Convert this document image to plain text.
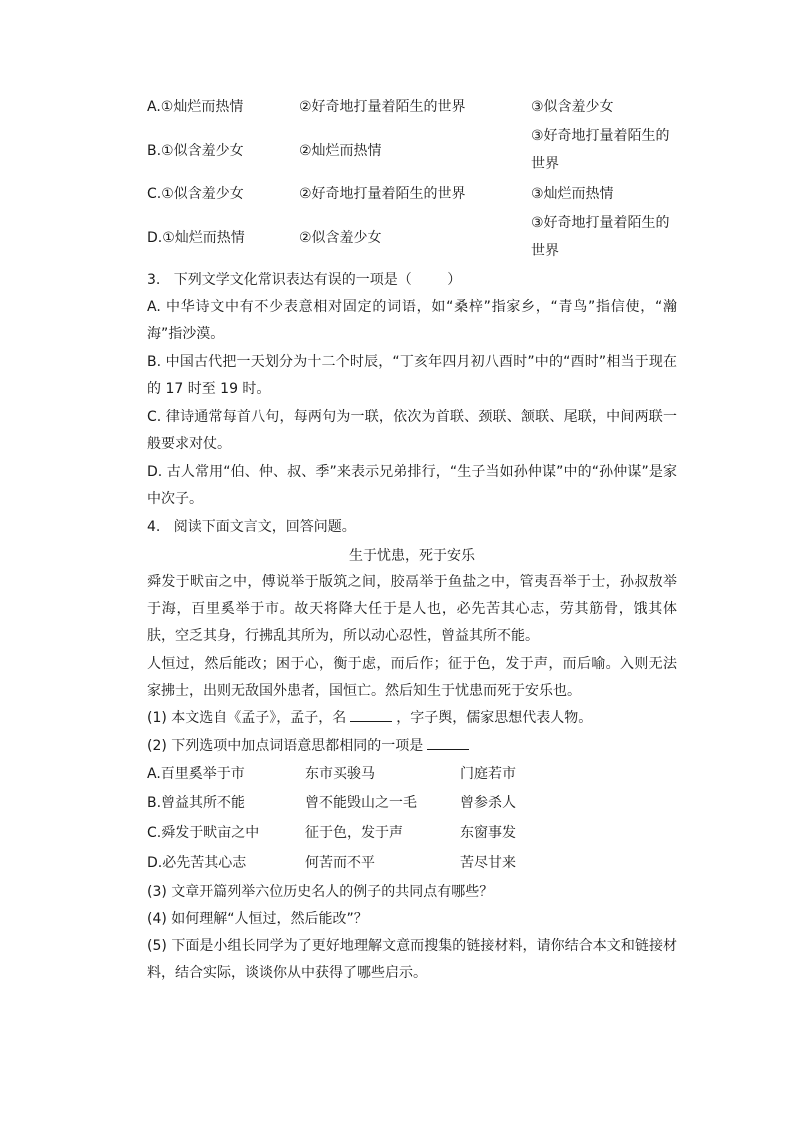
A.①灿烂而热情	②好奇地打量着陌生的世界	③似含羞少女
B.①似含羞少女	②灿烂而热情
③好奇地打量着陌生的
世界
C.①似含羞少女	②好奇地打量着陌生的世界	③灿烂而热情
D.①灿烂而热情	②似含羞少女
③好奇地打量着陌生的
世界
3.   下列文学文化常识表达有误的一项是（        ）
A. 中华诗文中有不少表意相对固定的词语，如“桑梓”指家乡，“青鸟”指信使，“瀚海”指沙漠。
B. 中国古代把一天划分为十二个时辰，“丁亥年四月初八酉时”中的“酉时”相当于现在的 17 时至 19 时。
C. 律诗通常每首八句，每两句为一联，依次为首联、颈联、颔联、尾联，中间两联一般要求对仗。
D. 古人常用“伯、仲、叔、季”来表示兄弟排行，“生子当如孙仲谋”中的“孙仲谋”是家中次子。
4.   阅读下面文言文，回答问题。
生于忧患，死于安乐
舜发于畎亩之中，傅说举于版筑之间，胶鬲举于鱼盐之中，管夷吾举于士，孙叔敖举于海，百里奚举于市。故天将降大任于是人也，必先苦其心志，劳其筋骨，饿其体肤，空乏其身，行拂乱其所为，所以动心忍性，曾益其所不能。
人恒过，然后能改；困于心，衡于虑，而后作；征于色，发于声，而后喻。入则无法家拂士，出则无敌国外患者，国恒亡。然后知生于忧患而死于安乐也。
(1) 本文选自《孟子》，孟子，名	，字子舆，儒家思想代表人物。
(2) 下列选项中加点词语意思都相同的一项是
A.百里奚举于市	东市买骏马	门庭若市
B.曾益其所不能	曾不能毁山之一毛	曾参杀人
C.舜发于畎亩之中	征于色，发于声	东窗事发
D.必先苦其心志	何苦而不平	苦尽甘来
(3) 文章开篇列举六位历史名人的例子的共同点有哪些？
(4) 如何理解“人恒过，然后能改”？
(5) 下面是小组长同学为了更好地理解文意而搜集的链接材料，请你结合本文和链接材料，结合实际，谈谈你从中获得了哪些启示。
